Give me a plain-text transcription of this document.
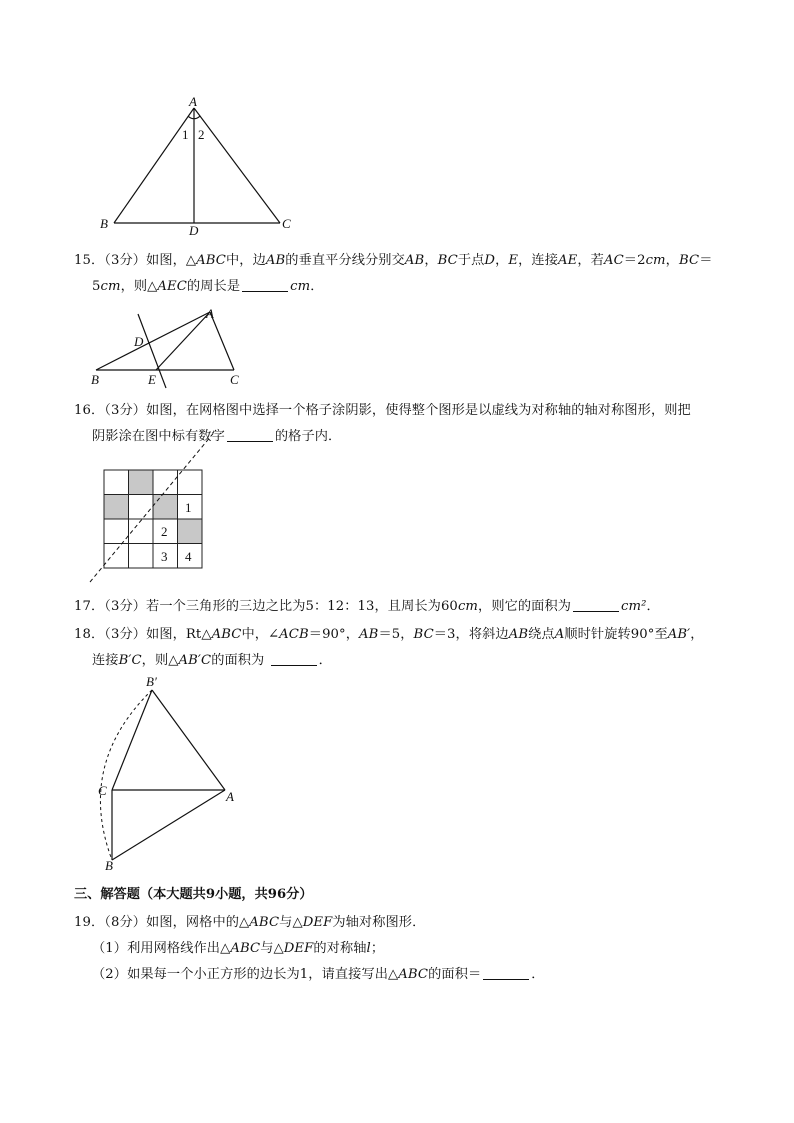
A
1 2
B	D	C
15．（3分）如图，△ABC中，边AB的垂直平分线分别交AB，BC于点D，E，连接AE，若AC＝2cm，BC＝
5cm，则△AEC的周长是	cm．
A
D
B	E	C
16．（3分）如图，在网格图中选择一个格子涂阴影，使得整个图形是以虚线为对称轴的轴对称图形，则把
阴影涂在图中标有数字	的格子内．
1
2
3 4
17．（3分）若一个三角形的三边之比为5：12：13，且周长为60cm，则它的面积为	cm²．
18．（3分）如图，Rt△ABC中，∠ACB＝90°，AB＝5，BC＝3，将斜边AB绕点A顺时针旋转90°至AB′，
连接B′C，则△AB′C的面积为	．
B′
C	A
B
三、解答题（本大题共9小题，共96分）
19．（8分）如图，网格中的△ABC与△DEF为轴对称图形．
（1）利用网格线作出△ABC与△DEF的对称轴l；
（2）如果每一个小正方形的边长为1，请直接写出△ABC的面积＝	．
